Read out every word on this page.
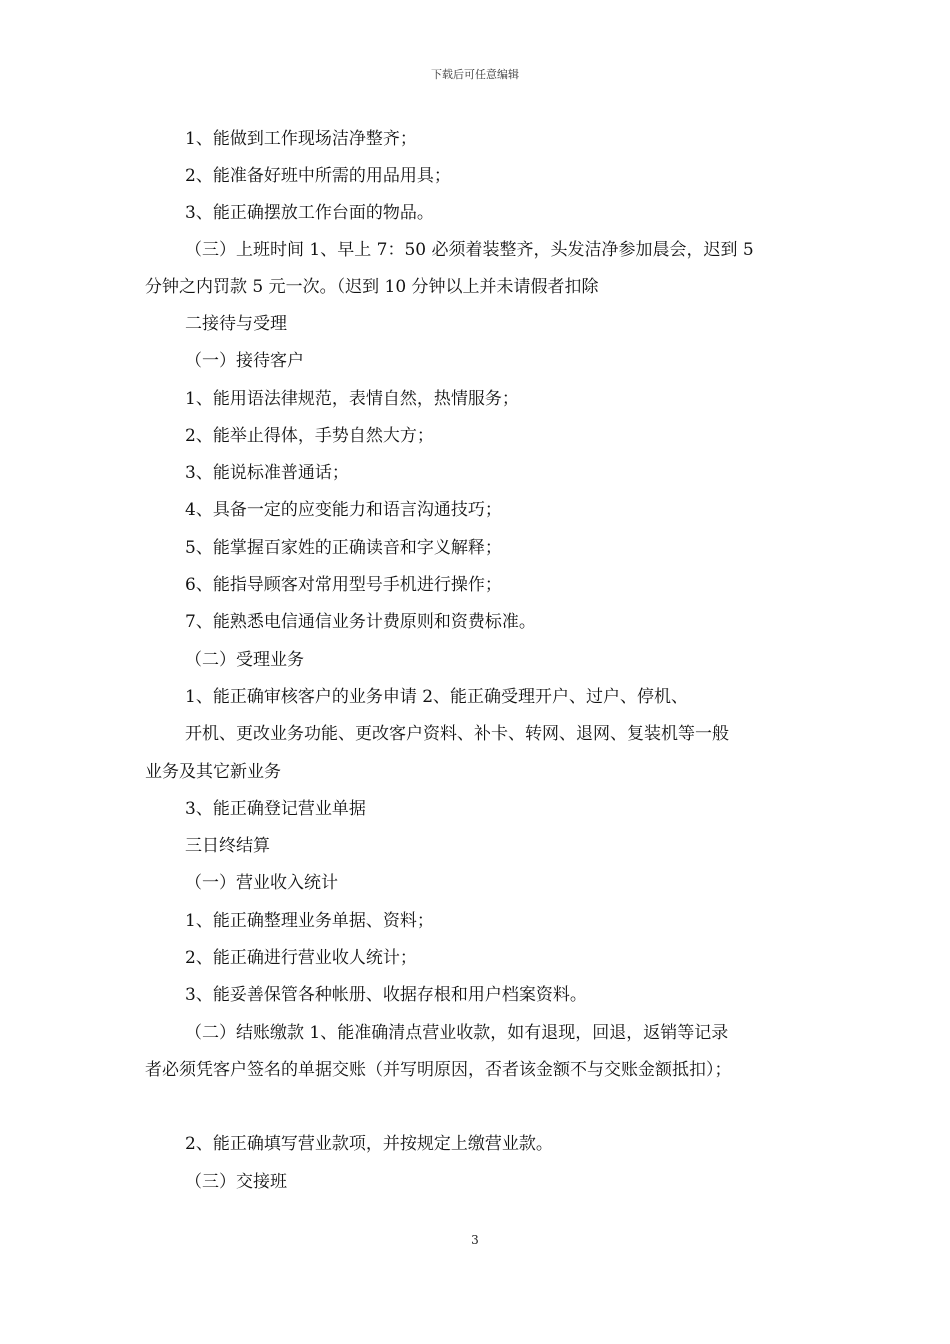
下载后可任意编辑
1、能做到工作现场洁净整齐；
2、能准备好班中所需的用品用具；
3、能正确摆放工作台面的物品。
（三）上班时间 1、早上 7：50 必须着装整齐，头发洁净参加晨会，迟到 5
分钟之内罚款 5 元一次。（迟到 10 分钟以上并未请假者扣除
二接待与受理
（一）接待客户
1、能用语法律规范，表情自然，热情服务；
2、能举止得体，手势自然大方；
3、能说标准普通话；
4、具备一定的应变能力和语言沟通技巧；
5、能掌握百家姓的正确读音和字义解释；
6、能指导顾客对常用型号手机进行操作；
7、能熟悉电信通信业务计费原则和资费标准。
（二）受理业务
1、能正确审核客户的业务申请 2、能正确受理开户、过户、停机、
开机、更改业务功能、更改客户资料、补卡、转网、退网、复装机等一般
业务及其它新业务
3、能正确登记营业单据
三日终结算
（一）营业收入统计
1、能正确整理业务单据、资料；
2、能正确进行营业收人统计；
3、能妥善保管各种帐册、收据存根和用户档案资料。
（二）结账缴款 1、能准确清点营业收款，如有退现，回退，返销等记录
者必须凭客户签名的单据交账（并写明原因，否者该金额不与交账金额抵扣）；
2、能正确填写营业款项，并按规定上缴营业款。
（三）交接班
3
